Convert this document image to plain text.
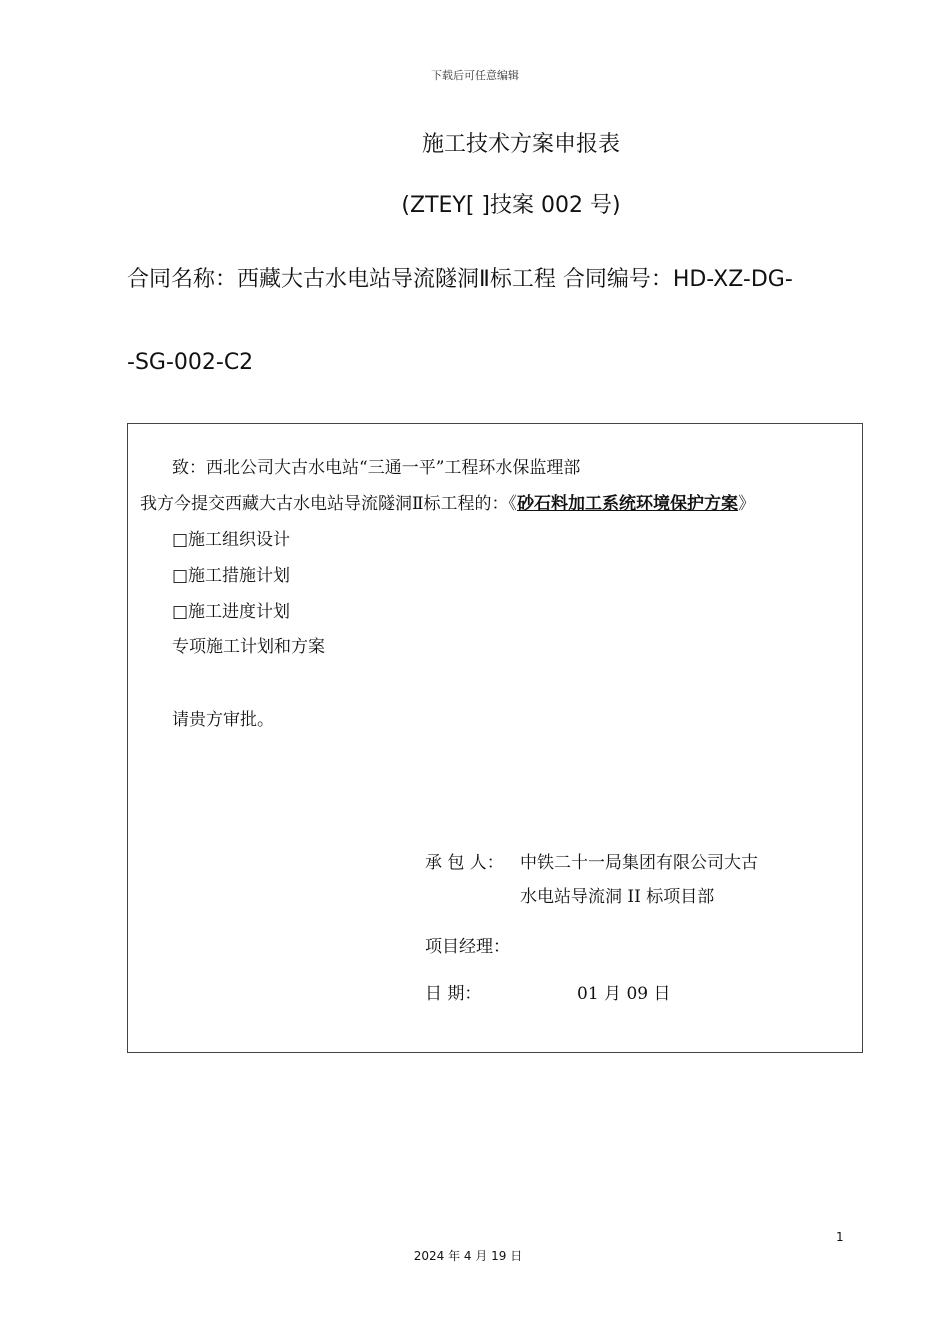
下载后可任意编辑
施工技术方案申报表
(ZTEY[ ]技案 002 号)
合同名称：西藏大古水电站导流隧洞Ⅱ标工程 合同编号：HD-XZ-DG-
-SG-002-C2
致：西北公司大古水电站“三通一平”工程环水保监理部
我方今提交西藏大古水电站导流隧洞Ⅱ标工程的：《砂石料加工系统环境保护方案》
□施工组织设计
□施工措施计划
□施工进度计划
专项施工计划和方案
请贵方审批。
承 包 人： 中铁二十一局集团有限公司大古
水电站导流洞 II 标项目部
项目经理：
日 期：	01 月 09 日
1
2024 年 4 月 19 日
